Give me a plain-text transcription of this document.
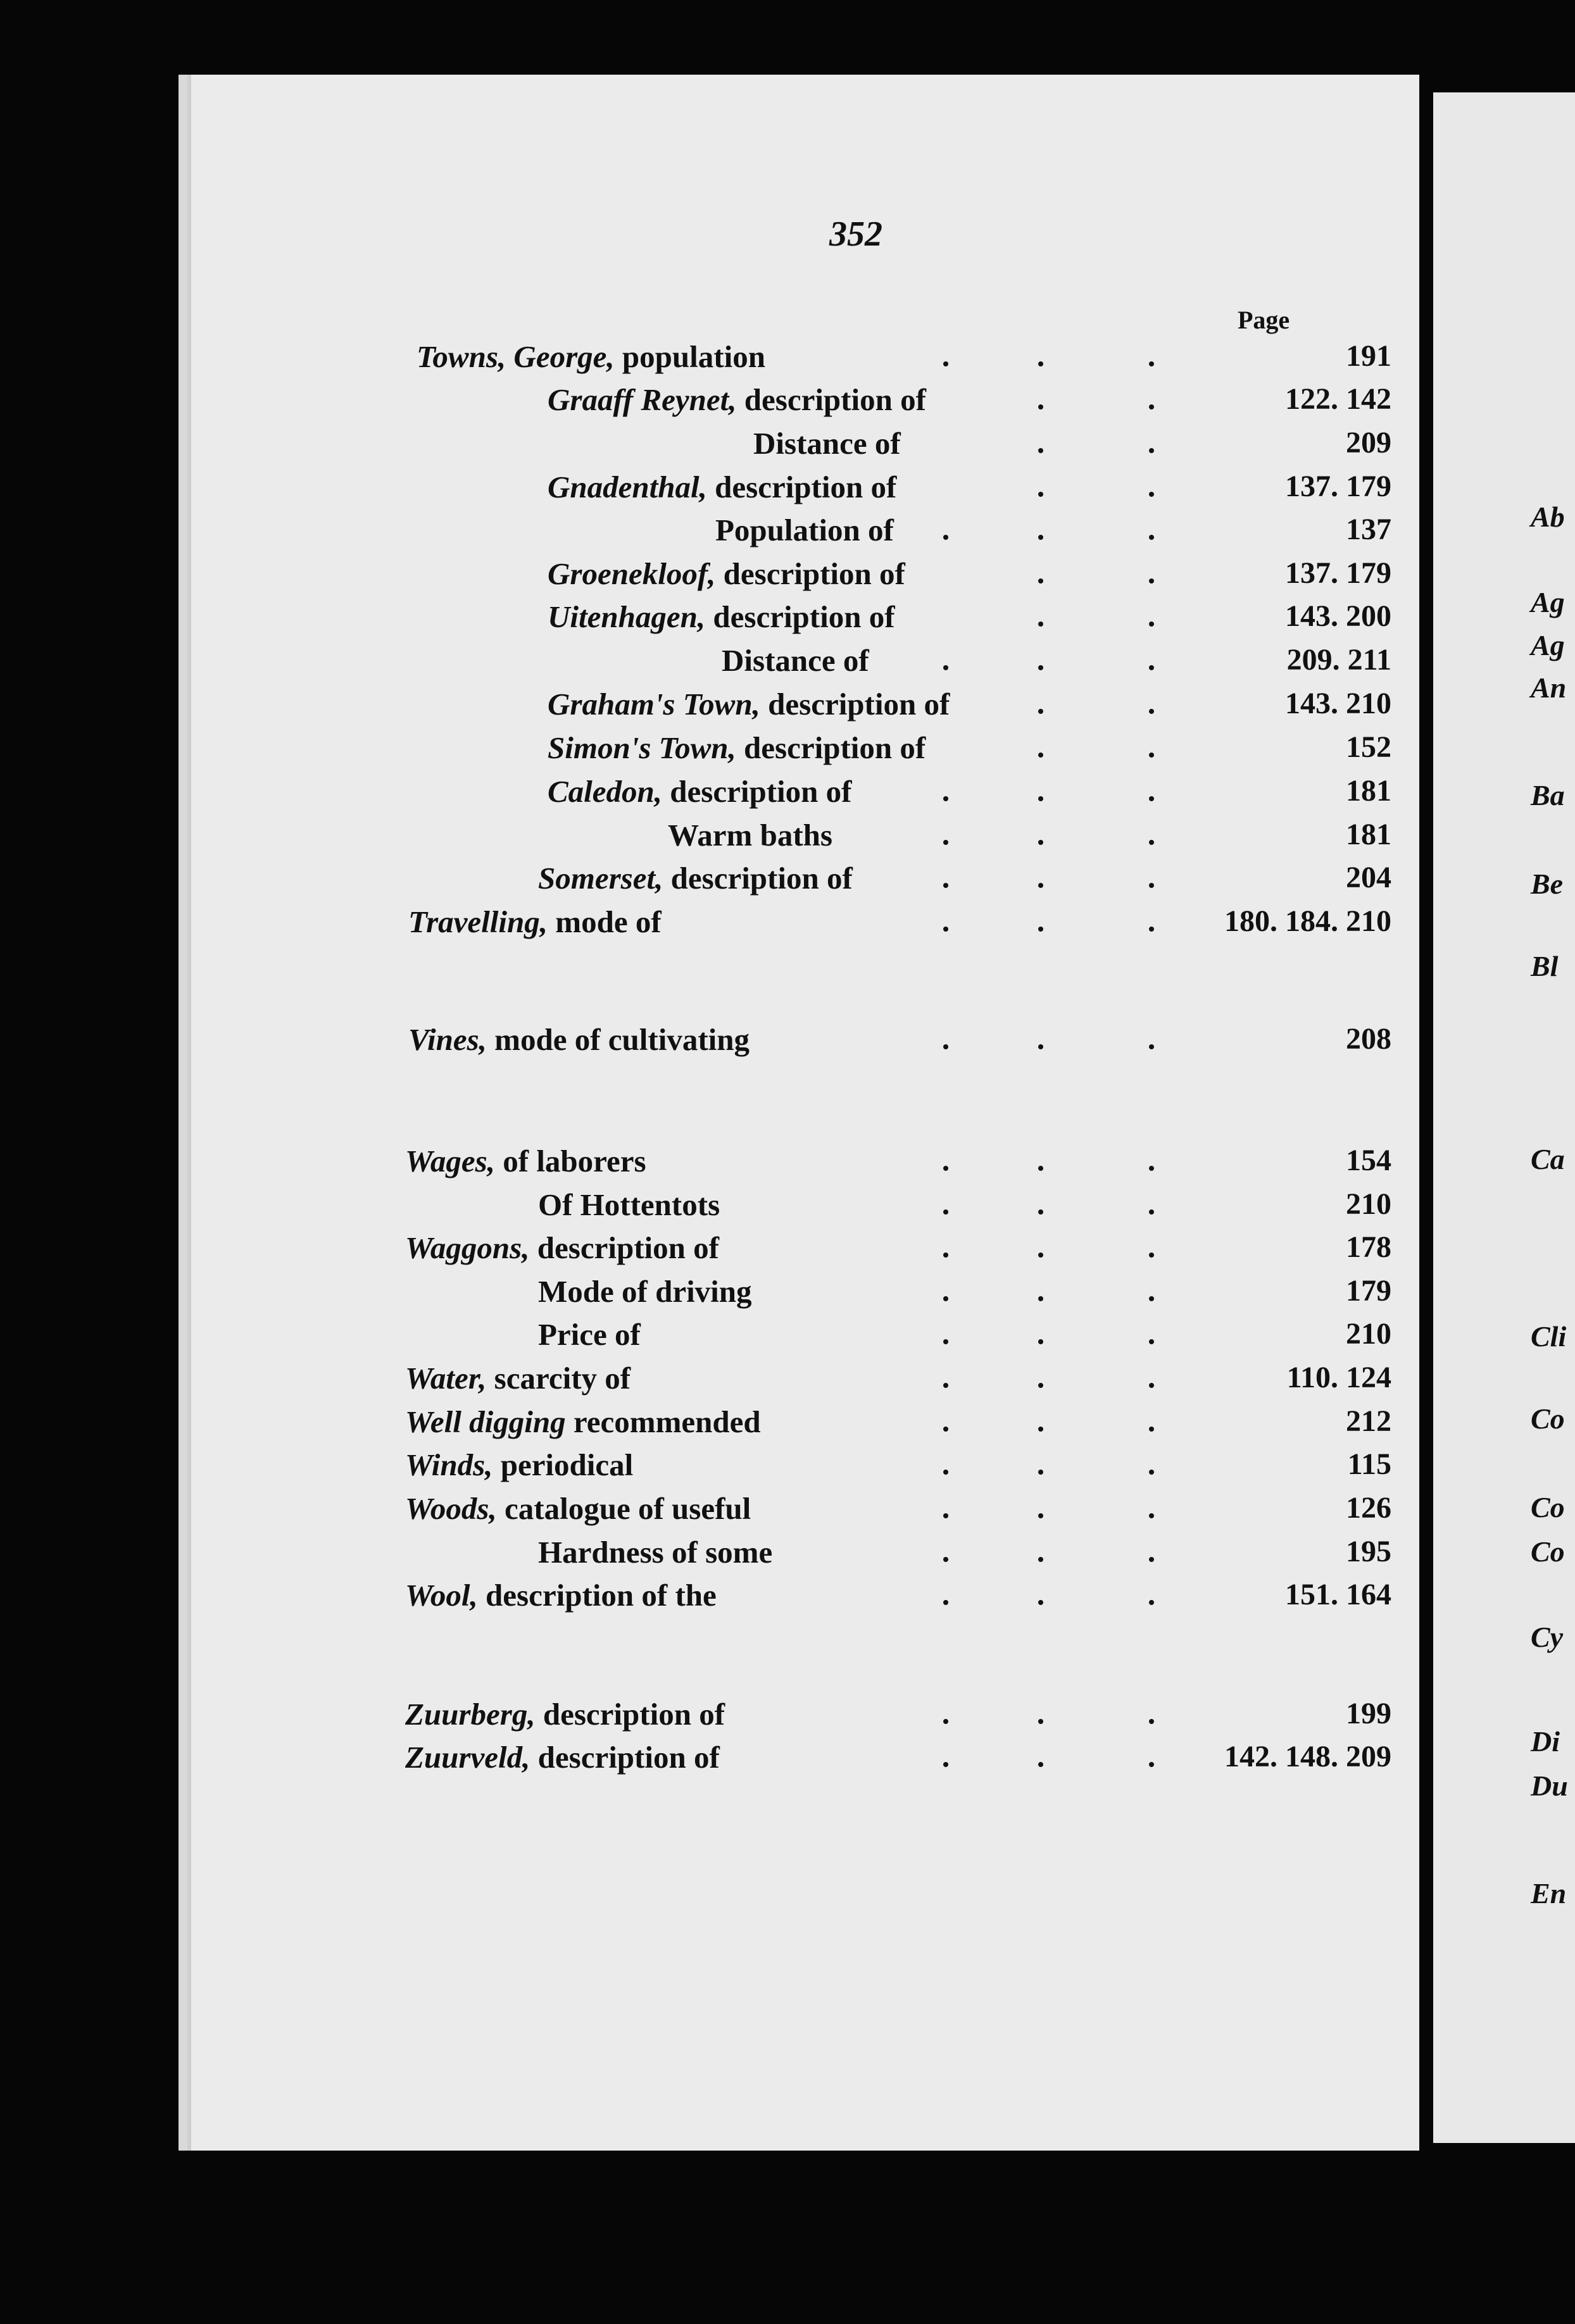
352
Page
Towns, George, population	191
Graaff Reynet, description of	122. 142
Distance of	209
Gnadenthal, description of	137. 179
Population of	137
Groenekloof, description of	137. 179
Uitenhagen, description of	143. 200
Distance of	209. 211
Graham's Town, description of	143. 210
Simon's Town, description of	152
Caledon, description of	181
Warm baths	181
Somerset, description of	204
Travelling, mode of	180. 184. 210
Vines, mode of cultivating	208
Wages, of laborers	154
Of Hottentots	210
Waggons, description of	178
Mode of driving	179
Price of	210
Water, scarcity of	110. 124
Well digging recommended	212
Winds, periodical	115
Woods, catalogue of useful	126
Hardness of some	195
Wool, description of the	151. 164
Zuurberg, description of	199
Zuurveld, description of	142. 148. 209
Ab
Ag
Ag
An
Ba
Be
Bl
Ca
Cli
Co
Co
Co
Cy
Di
Du
En
